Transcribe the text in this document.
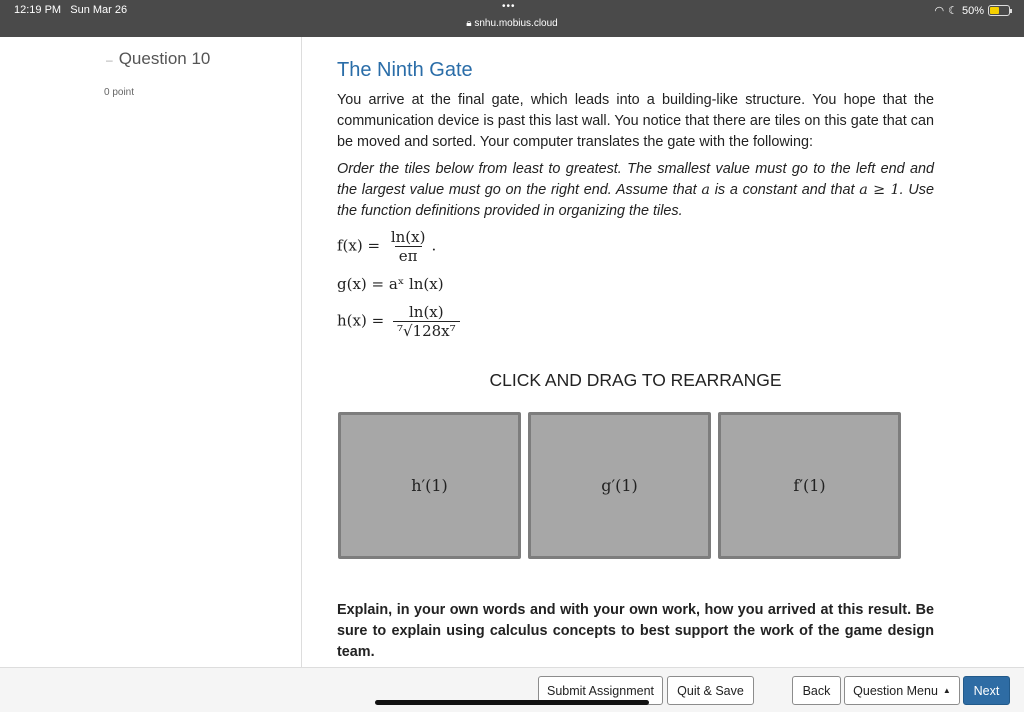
12:19 PM Sun Mar 26	•••
🔒︎ snhu.mobius.cloud
◠ ☾ 50%
– Question 10
0 point
The Ninth Gate
You arrive at the final gate, which leads into a building-like structure. You hope that the communication device is past this last wall. You notice that there are tiles on this gate that can be moved and sorted. Your computer translates the gate with the following:
Order the tiles below from least to greatest. The smallest value must go to the left end and the largest value must go on the right end. Assume that a is a constant and that a ≥ 1. Use the function definitions provided in organizing the tiles.
$f(x) = \frac{\ln(x)}{e\pi}$ .
g(x) = aˣ ln(x)
$h(x) = \frac{\ln(x)}{\text{⁷√128x⁷}}$
CLICK AND DRAG TO REARRANGE
h′(1)	g′(1)	f′(1)
Explain, in your own words and with your own work, how you arrived at this result. Be sure to explain using calculus concepts to best support the work of the game design team.
Submit Assignment	Quit & Save	Back	Question Menu ▲	Next
